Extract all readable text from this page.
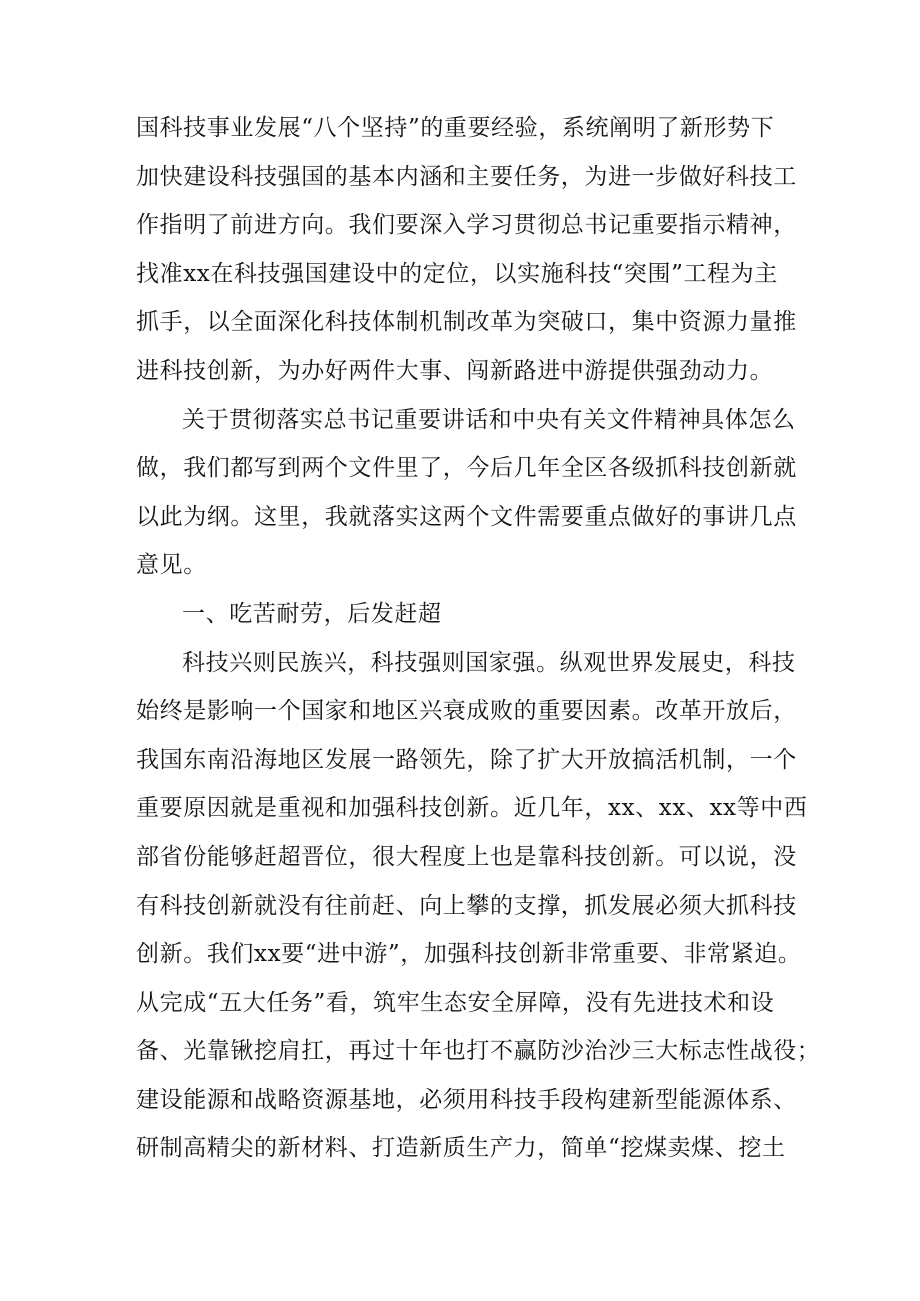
国科技事业发展“八个坚持”的重要经验，系统阐明了新形势下
加快建设科技强国的基本内涵和主要任务，为进一步做好科技工
作指明了前进方向。我们要深入学习贯彻总书记重要指示精神，
找准xx在科技强国建设中的定位，以实施科技“突围”工程为主
抓手，以全面深化科技体制机制改革为突破口，集中资源力量推
进科技创新，为办好两件大事、闯新路进中游提供强劲动力。
关于贯彻落实总书记重要讲话和中央有关文件精神具体怎么
做，我们都写到两个文件里了，今后几年全区各级抓科技创新就
以此为纲。这里，我就落实这两个文件需要重点做好的事讲几点
意见。
一、吃苦耐劳，后发赶超
科技兴则民族兴，科技强则国家强。纵观世界发展史，科技
始终是影响一个国家和地区兴衰成败的重要因素。改革开放后，
我国东南沿海地区发展一路领先，除了扩大开放搞活机制，一个
重要原因就是重视和加强科技创新。近几年，xx、xx、xx等中西
部省份能够赶超晋位，很大程度上也是靠科技创新。可以说，没
有科技创新就没有往前赶、向上攀的支撑，抓发展必须大抓科技
创新。我们xx要“进中游”，加强科技创新非常重要、非常紧迫。
从完成“五大任务”看，筑牢生态安全屏障，没有先进技术和设
备、光靠锹挖肩扛，再过十年也打不赢防沙治沙三大标志性战役；
建设能源和战略资源基地，必须用科技手段构建新型能源体系、
研制高精尖的新材料、打造新质生产力，简单“挖煤卖煤、挖土
